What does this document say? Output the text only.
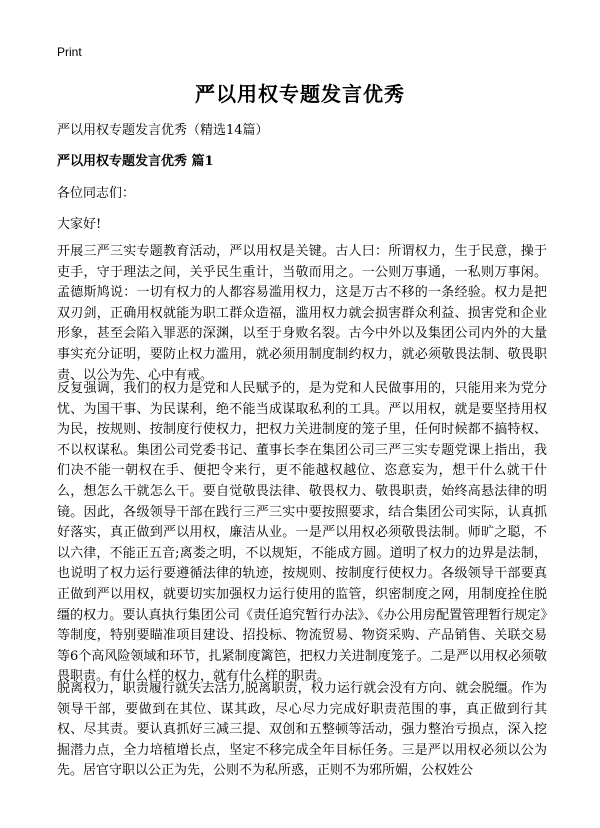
Print
严以用权专题发言优秀
严以用权专题发言优秀（精选14篇）
严以用权专题发言优秀 篇1
各位同志们：
大家好!

开展三严三实专题教育活动，严以用权是关键。古人曰：所谓权力，生于民意，操于吏手，守于理法之间，关乎民生重计，当敬而用之。一公则万事通，一私则万事闲。孟德斯鸠说：一切有权力的人都容易滥用权力，这是万古不移的一条经验。权力是把双刃剑，正确用权就能为职工群众造福，滥用权力就会损害群众利益、损害党和企业形象，甚至会陷入罪恶的深渊，以至于身败名裂。古今中外以及集团公司内外的大量事实充分证明，要防止权力滥用，就必须用制度制约权力，就必须敬畏法制、敬畏职责、以公为先、心中有戒。

反复强调，我们的权力是党和人民赋予的，是为党和人民做事用的，只能用来为党分忧、为国干事、为民谋利，绝不能当成谋取私利的工具。严以用权，就是要坚持用权为民，按规则、按制度行使权力，把权力关进制度的笼子里，任何时候都不搞特权、不以权谋私。集团公司党委书记、董事长李在集团公司三严三实专题党课上指出，我们决不能一朝权在手、便把令来行，更不能越权越位、恣意妄为，想干什么就干什么，想怎么干就怎么干。要自觉敬畏法律、敬畏权力、敬畏职责，始终高悬法律的明镜。因此，各级领导干部在践行三严三实中要按照要求，结合集团公司实际，认真抓好落实，真正做到严以用权，廉洁从业。一是严以用权必须敬畏法制。师旷之聪，不以六律，不能正五音;离娄之明，不以规矩，不能成方圆。道明了权力的边界是法制，也说明了权力运行要遵循法律的轨迹，按规则、按制度行使权力。各级领导干部要真正做到严以用权，就要切实加强权力运行使用的监管，织密制度之网，用制度拴住脱缰的权力。要认真执行集团公司《责任追究暂行办法》、《办公用房配置管理暂行规定》等制度，特别要瞄准项目建设、招投标、物流贸易、物资采购、产品销售、关联交易等6个高风险领域和环节，扎紧制度篱笆，把权力关进制度笼子。二是严以用权必须敬畏职责。有什么样的权力，就有什么样的职责。

脱离权力，职责履行就失去活力,脱离职责，权力运行就会没有方向、就会脱缰。作为领导干部，要做到在其位、谋其政，尽心尽力完成好职责范围的事，真正做到行其权、尽其责。要认真抓好三减三提、双创和五整顿等活动，强力整治亏损点，深入挖掘潜力点，全力培植增长点，坚定不移完成全年目标任务。三是严以用权必须以公为先。居官守职以公正为先，公则不为私所惑，正则不为邪所媚，公权姓公
